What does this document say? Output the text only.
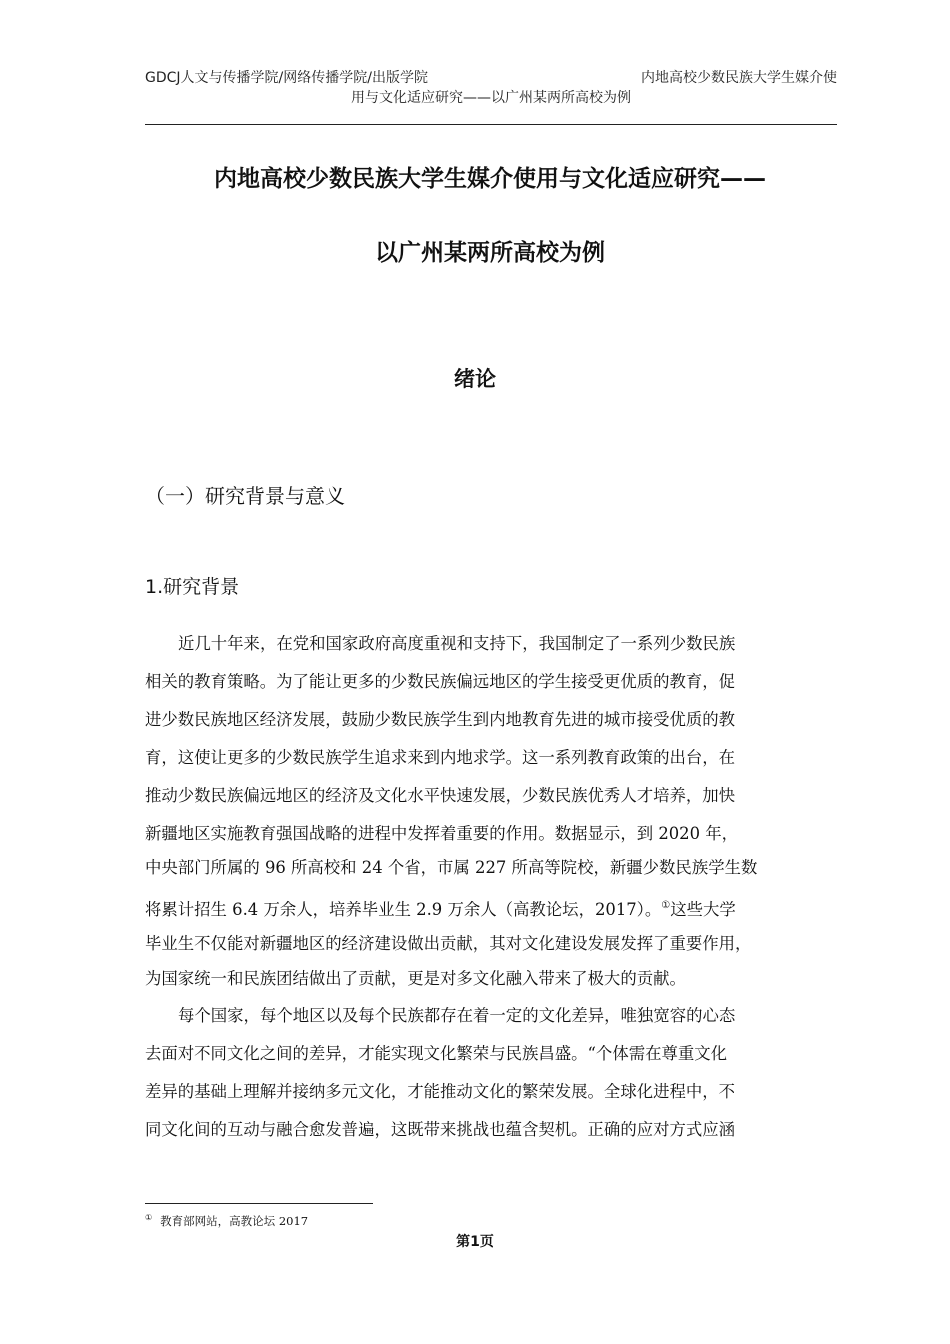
GDCJ人文与传播学院/网络传播学院/出版学院	内地高校少数民族大学生媒介使
用与文化适应研究——以广州某两所高校为例
内地高校少数民族大学生媒介使用与文化适应研究——
以广州某两所高校为例
绪论
（一）研究背景与意义
1.研究背景
近几十年来，在党和国家政府高度重视和支持下，我国制定了一系列少数民族
相关的教育策略。为了能让更多的少数民族偏远地区的学生接受更优质的教育，促
进少数民族地区经济发展，鼓励少数民族学生到内地教育先进的城市接受优质的教
育，这使让更多的少数民族学生追求来到内地求学。这一系列教育政策的出台，在
推动少数民族偏远地区的经济及文化水平快速发展，少数民族优秀人才培养，加快
新疆地区实施教育强国战略的进程中发挥着重要的作用。数据显示，到 2020 年，
中央部门所属的 96 所高校和 24 个省，市属 227 所高等院校，新疆少数民族学生数
将累计招生 6.4 万余人，培养毕业生 2.9 万余人（高教论坛，2017）。①这些大学
毕业生不仅能对新疆地区的经济建设做出贡献，其对文化建设发展发挥了重要作用，
为国家统一和民族团结做出了贡献，更是对多文化融入带来了极大的贡献。
每个国家，每个地区以及每个民族都存在着一定的文化差异，唯独宽容的心态
去面对不同文化之间的差异，才能实现文化繁荣与民族昌盛。“个体需在尊重文化
差异的基础上理解并接纳多元文化，才能推动文化的繁荣发展。全球化进程中，不
同文化间的互动与融合愈发普遍，这既带来挑战也蕴含契机。正确的应对方式应涵
① 教育部网站，高教论坛 2017
第1页
